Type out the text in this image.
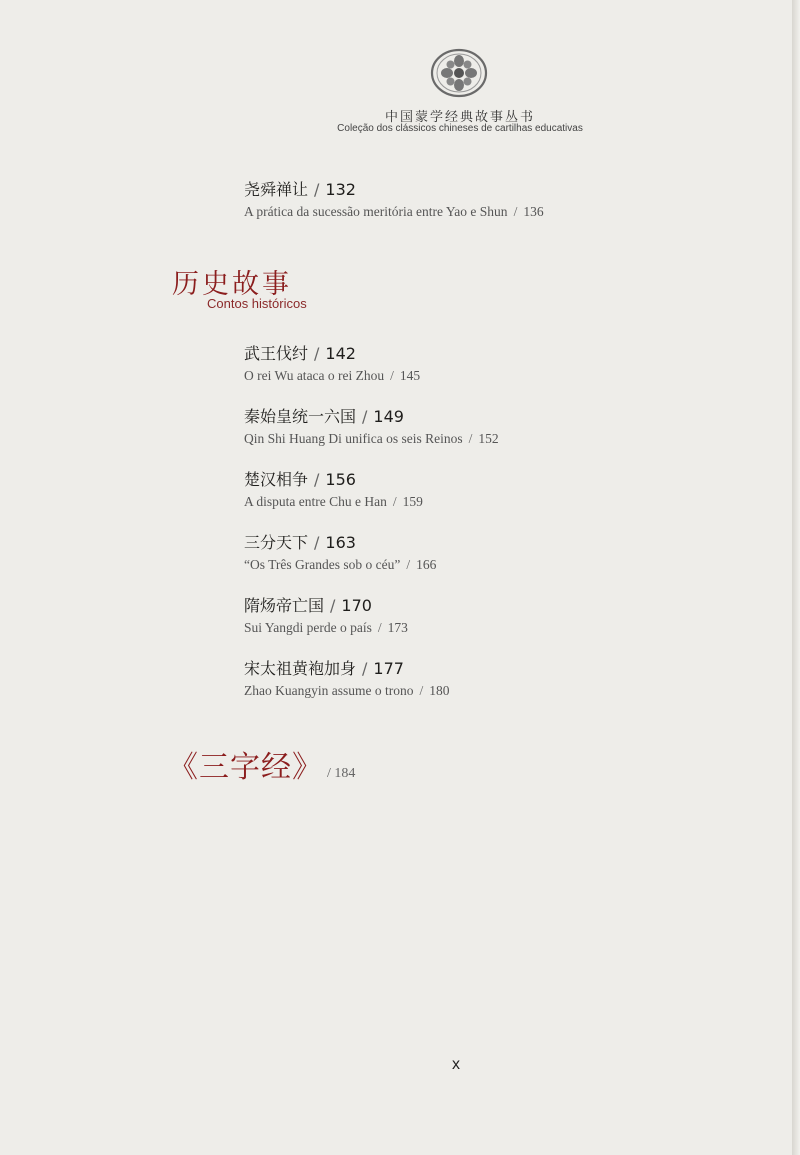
中国蒙学经典故事丛书
Coleção dos clássicos chineses de cartilhas educativas
尧舜禅让 / 132
A prática da sucessão meritória entre Yao e Shun / 136
历史故事
Contos históricos
武王伐纣 / 142
O rei Wu ataca o rei Zhou / 145
秦始皇统一六国 / 149
Qin Shi Huang Di unifica os seis Reinos / 152
楚汉相争 / 156
A disputa entre Chu e Han / 159
三分天下 / 163
“Os Três Grandes sob o céu” / 166
隋炀帝亡国 / 170
Sui Yangdi perde o país / 173
宋太祖黄袍加身 / 177
Zhao Kuangyin assume o trono / 180
《三字经》 / 184
x
